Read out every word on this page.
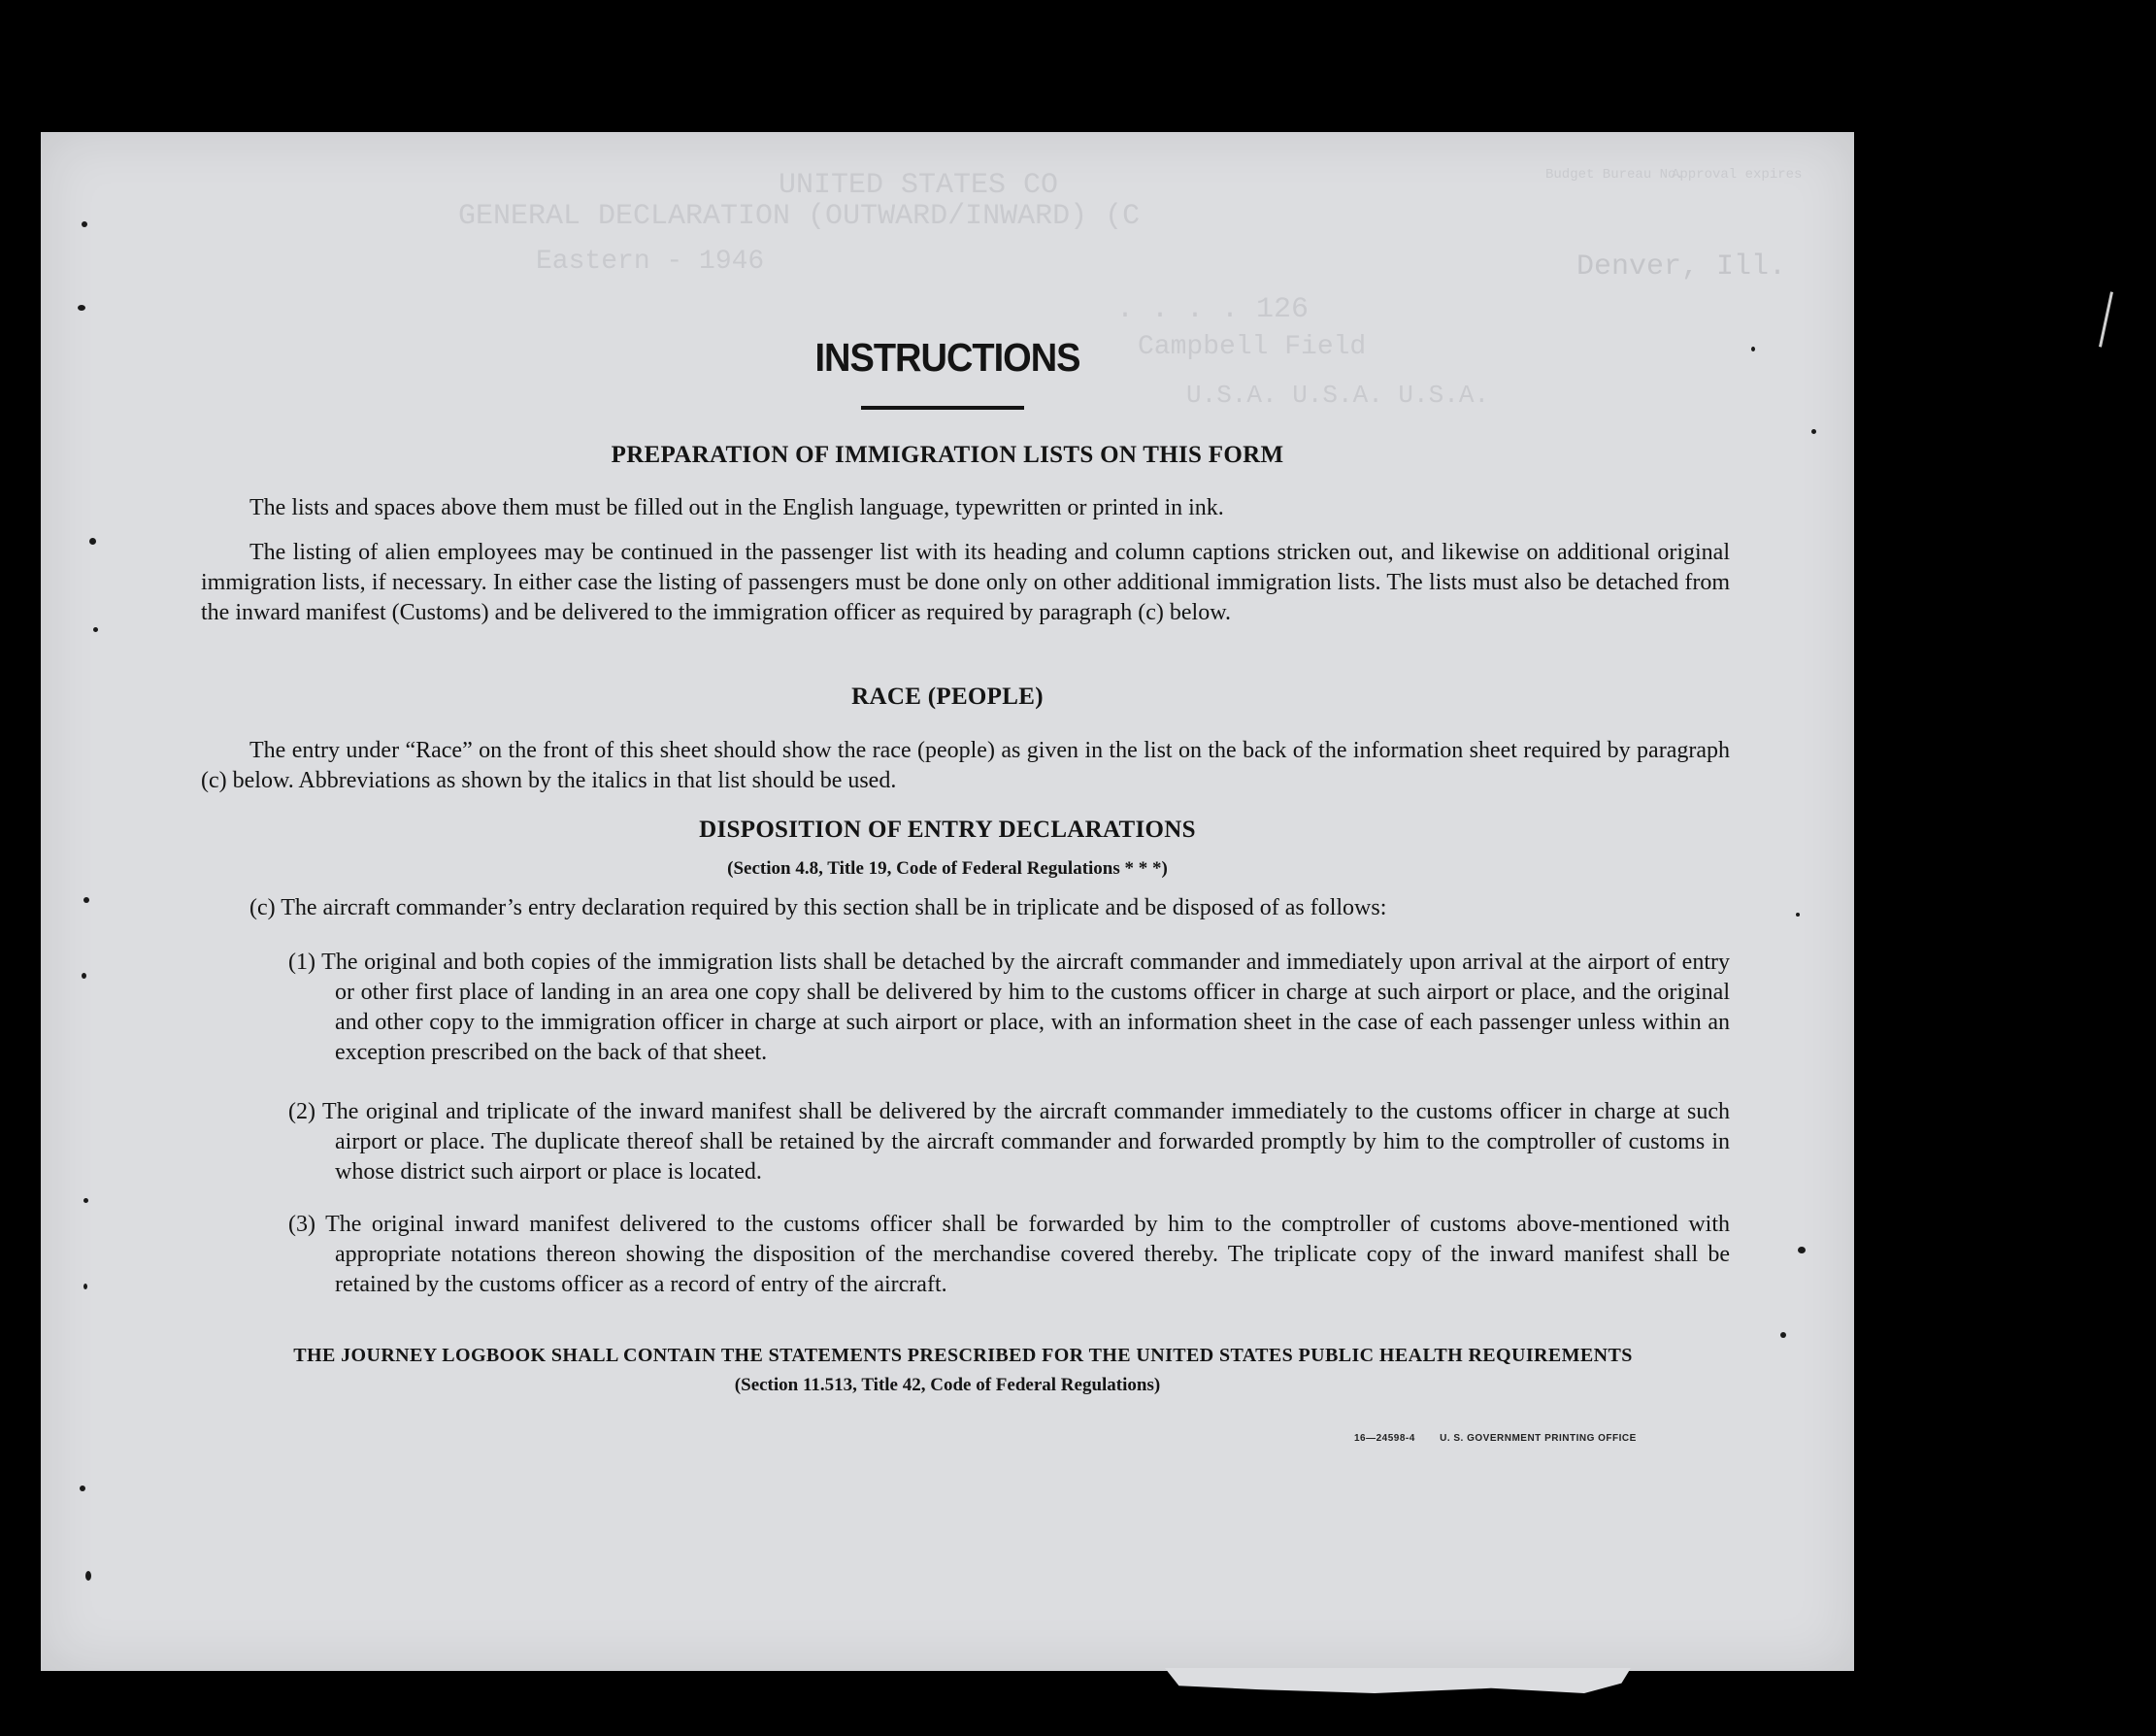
UNITED STATES CO
GENERAL DECLARATION (OUTWARD/INWARD) (C
Eastern - 1946	Denver, Ill.
. . . . 126
Campbell Field
U.S.A. U.S.A. U.S.A.
Budget Bureau No.
Approval expires
INSTRUCTIONS
PREPARATION OF IMMIGRATION LISTS ON THIS FORM
The lists and spaces above them must be filled out in the English language, typewritten or printed in ink.
The listing of alien employees may be continued in the passenger list with its heading and column captions stricken out, and likewise on additional original immigration lists, if necessary. In either case the listing of passengers must be done only on other additional immigration lists. The lists must also be detached from the inward manifest (Customs) and be delivered to the immigration officer as required by paragraph (c) below.
RACE (PEOPLE)
The entry under “Race” on the front of this sheet should show the race (people) as given in the list on the back of the information sheet required by paragraph (c) below. Abbreviations as shown by the italics in that list should be used.
DISPOSITION OF ENTRY DECLARATIONS
(Section 4.8, Title 19, Code of Federal Regulations * * *)
(c) The aircraft commander’s entry declaration required by this section shall be in triplicate and be disposed of as follows:
(1) The original and both copies of the immigration lists shall be detached by the aircraft commander and immediately upon arrival at the airport of entry or other first place of landing in an area one copy shall be delivered by him to the customs officer in charge at such airport or place, and the original and other copy to the immigration officer in charge at such airport or place, with an information sheet in the case of each passenger unless within an exception prescribed on the back of that sheet.
(2) The original and triplicate of the inward manifest shall be delivered by the aircraft commander immediately to the customs officer in charge at such airport or place. The duplicate thereof shall be retained by the aircraft commander and forwarded promptly by him to the comptroller of customs in whose district such airport or place is located.
(3) The original inward manifest delivered to the customs officer shall be forwarded by him to the comptroller of customs above-mentioned with appropriate notations thereon showing the disposition of the merchandise covered thereby. The triplicate copy of the inward manifest shall be retained by the customs officer as a record of entry of the aircraft.
THE JOURNEY LOGBOOK SHALL CONTAIN THE STATEMENTS PRESCRIBED FOR THE UNITED STATES PUBLIC HEALTH REQUIREMENTS
(Section 11.513, Title 42, Code of Federal Regulations)
16—24598-4	U. S. GOVERNMENT PRINTING OFFICE
